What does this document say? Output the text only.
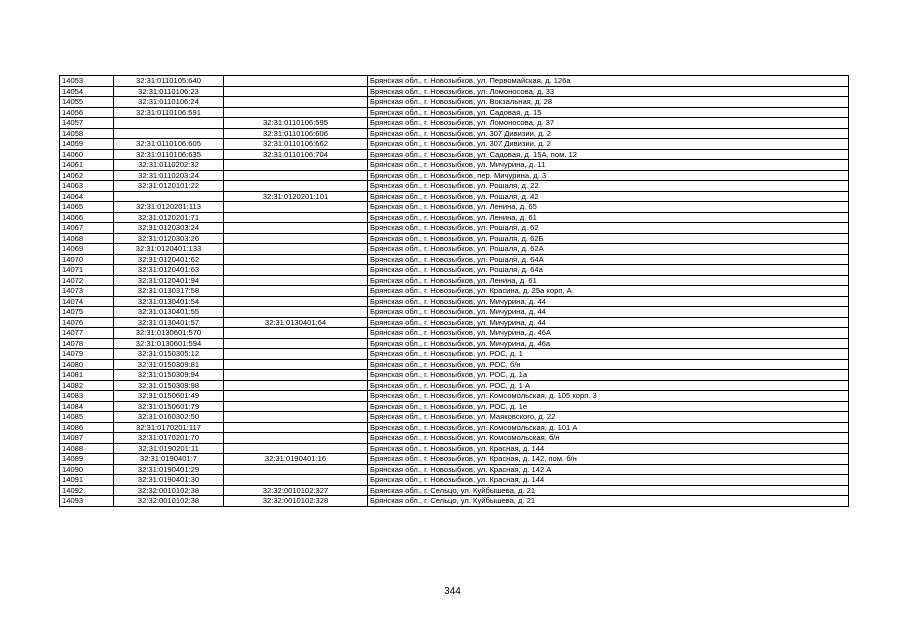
14053	32:31:0110105:640		Брянская обл., г. Новозыбков, ул. Первомайская, д. 126а
14054	32:31:0110106:23		Брянская обл., г. Новозыбков, ул. Ломоносова, д. 33
14055	32:31:0110106:24		Брянская обл., г. Новозыбков, ул. Вокзальная, д. 28
14056	32:31:0110106:591		Брянская обл., г. Новозыбков, ул. Садовая, д. 15
14057		32:31:0110106:595	Брянская обл., г. Новозыбков, ул. Ломоносова, д. 37
14058		32:31:0110106:606	Брянская обл., г. Новозыбков, ул. 307 Дивизии, д. 2
14059	32:31:0110106:605	32:31:0110106:662	Брянская обл., г. Новозыбков, ул. 307 Дивизии, д. 2
14060	32:31:0110106:635	32:31:0110106:704	Брянская обл., г. Новозыбков, ул. Садовая, д. 15А, пом. 12
14061	32:31:0110202:32		Брянская обл., г. Новозыбков, ул. Мичурина, д. 11
14062	32:31:0110203:24		Брянская обл., г. Новозыбков, пер. Мичурина, д. 3
14063	32:31:0120101:22		Брянская обл., г. Новозыбков, ул. Рошаля, д. 22
14064		32:31:0120201:101	Брянская обл., г. Новозыбков, ул. Рошаля, д. 42
14065	32:31:0120201:113		Брянская обл., г. Новозыбков, ул. Ленина, д. 65
14066	32:31:0120201:71		Брянская обл., г. Новозыбков, ул. Ленина, д. 61
14067	32:31:0120303:24		Брянская обл., г. Новозыбков, ул. Рошаля, д. 62
14068	32:31:0120303:26		Брянская обл., г. Новозыбков, ул. Рошаля, д. 62Б
14069	32:31:0120401:133		Брянская обл., г. Новозыбков, ул. Рошаля, д. 62А
14070	32:31:0120401:62		Брянская обл., г. Новозыбков, ул. Рошаля, д. 64А
14071	32:31:0120401:63		Брянская обл., г. Новозыбков, ул. Рошаля, д. 64а
14072	32:31:0120401:94		Брянская обл., г. Новозыбков, ул. Ленина, д. 61
14073	32:31:0130317:58		Брянская обл., г. Новозыбков, ул. Красина, д. 25а корп. А
14074	32:31:0130401:54		Брянская обл., г. Новозыбков, ул. Мичурина, д. 44
14075	32:31:0130401:55		Брянская обл., г. Новозыбков, ул. Мичурина, д. 44
14076	32:31:0130401:57	32:31:0130401:64	Брянская обл., г. Новозыбков, ул. Мичурина, д. 44
14077	32:31:0130601:570		Брянская обл., г. Новозыбков, ул. Мичурина, д. 46А
14078	32:31:0130601:594		Брянская обл., г. Новозыбков, ул. Мичурина, д. 46а
14079	32:31:0150305:12		Брянская обл., г. Новозыбков, ул. РОС, д. 1
14080	32:31:0150309:81		Брянская обл., г. Новозыбков, ул. РОС, б/н
14081	32:31:0150309:94		Брянская обл., г. Новозыбков, ул. РОС, д. 1а
14082	32:31:0150309:98		Брянская обл., г. Новозыбков, ул. РОС, д. 1 А
14083	32:31:0150601:49		Брянская обл., г. Новозыбков, ул. Комсомольская, д. 105 корп. 3
14084	32:31:0150601:79		Брянская обл., г. Новозыбков, ул. РОС, д. 1е
14085	32:31:0160302:50		Брянская обл., г. Новозыбков, ул. Маяковского, д. 22
14086	32:31:0170201:117		Брянская обл., г. Новозыбков, ул. Комсомольская, д. 101 А
14087	32:31:0170201:70		Брянская обл., г. Новозыбков, ул. Комсомольская, б/н
14088	32:31:0190201:11		Брянская обл., г. Новозыбков, ул. Красная, д. 144
14089	32:31:0190401:7	32:31:0190401:16	Брянская обл., г. Новозыбков, ул. Красная, д. 142, пом. б/н
14090	32:31:0190401:29		Брянская обл., г. Новозыбков, ул. Красная, д. 142 А
14091	32:31:0190401:30		Брянская обл., г. Новозыбков, ул. Красная, д. 144
14092	32:32:0010102:38	32:32:0010102:327	Брянская обл., г. Сельцо, ул. Куйбышева, д. 21
14093	32:32:0010102:38	32:32:0010102:328	Брянская обл., г. Сельцо, ул. Куйбышева, д. 21
344
